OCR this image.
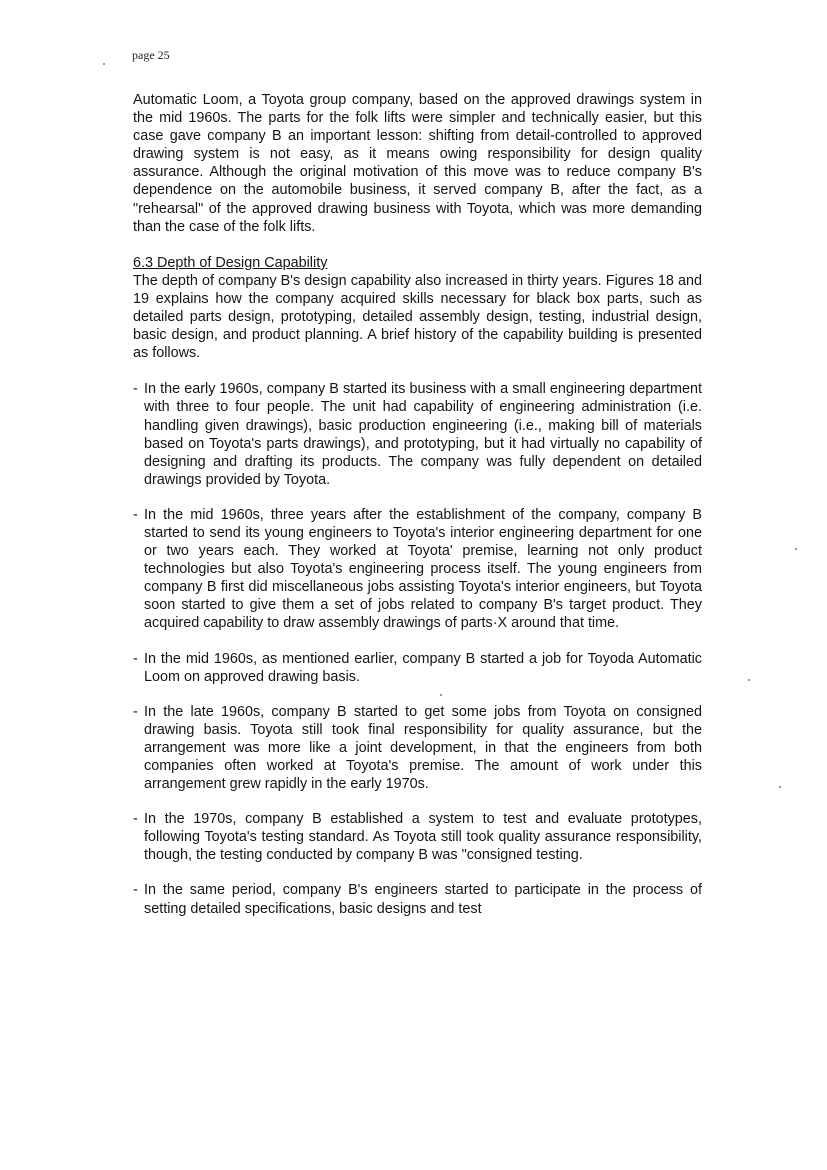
page 25

Automatic Loom, a Toyota group company, based on the approved drawings system in the mid 1960s. The parts for the folk lifts were simpler and technically easier, but this case gave company B an important lesson: shifting from detail-controlled to approved drawing system is not easy, as it means owing responsibility for design quality assurance. Although the original motivation of this move was to reduce company B's dependence on the automobile business, it served company B, after the fact, as a "rehearsal" of the approved drawing business with Toyota, which was more demanding than the case of the folk lifts.

6.3 Depth of Design Capability

The depth of company B's design capability also increased in thirty years. Figures 18 and 19 explains how the company acquired skills necessary for black box parts, such as detailed parts design, prototyping, detailed assembly design, testing, industrial design, basic design, and product planning. A brief history of the capability building is presented as follows.

- In the early 1960s, company B started its business with a small engineering department with three to four people. The unit had capability of engineering administration (i.e. handling given drawings), basic production engineering (i.e., making bill of materials based on Toyota's parts drawings), and prototyping, but it had virtually no capability of designing and drafting its products. The company was fully dependent on detailed drawings provided by Toyota.
- In the mid 1960s, three years after the establishment of the company, company B started to send its young engineers to Toyota's interior engineering department for one or two years each. They worked at Toyota' premise, learning not only product technologies but also Toyota's engineering process itself. The young engineers from company B first did miscellaneous jobs assisting Toyota's interior engineers, but Toyota soon started to give them a set of jobs related to company B's target product. They acquired capability to draw assembly drawings of parts·X around that time.
- In the mid 1960s, as mentioned earlier, company B started a job for Toyoda Automatic Loom on approved drawing basis.
- In the late 1960s, company B started to get some jobs from Toyota on consigned drawing basis. Toyota still took final responsibility for quality assurance, but the arrangement was more like a joint development, in that the engineers from both companies often worked at Toyota's premise. The amount of work under this arrangement grew rapidly in the early 1970s.
- In the 1970s, company B established a system to test and evaluate prototypes, following Toyota's testing standard. As Toyota still took quality assurance responsibility, though, the testing conducted by company B was "consigned testing.
- In the same period, company B's engineers started to participate in the process of setting detailed specifications, basic designs and test
